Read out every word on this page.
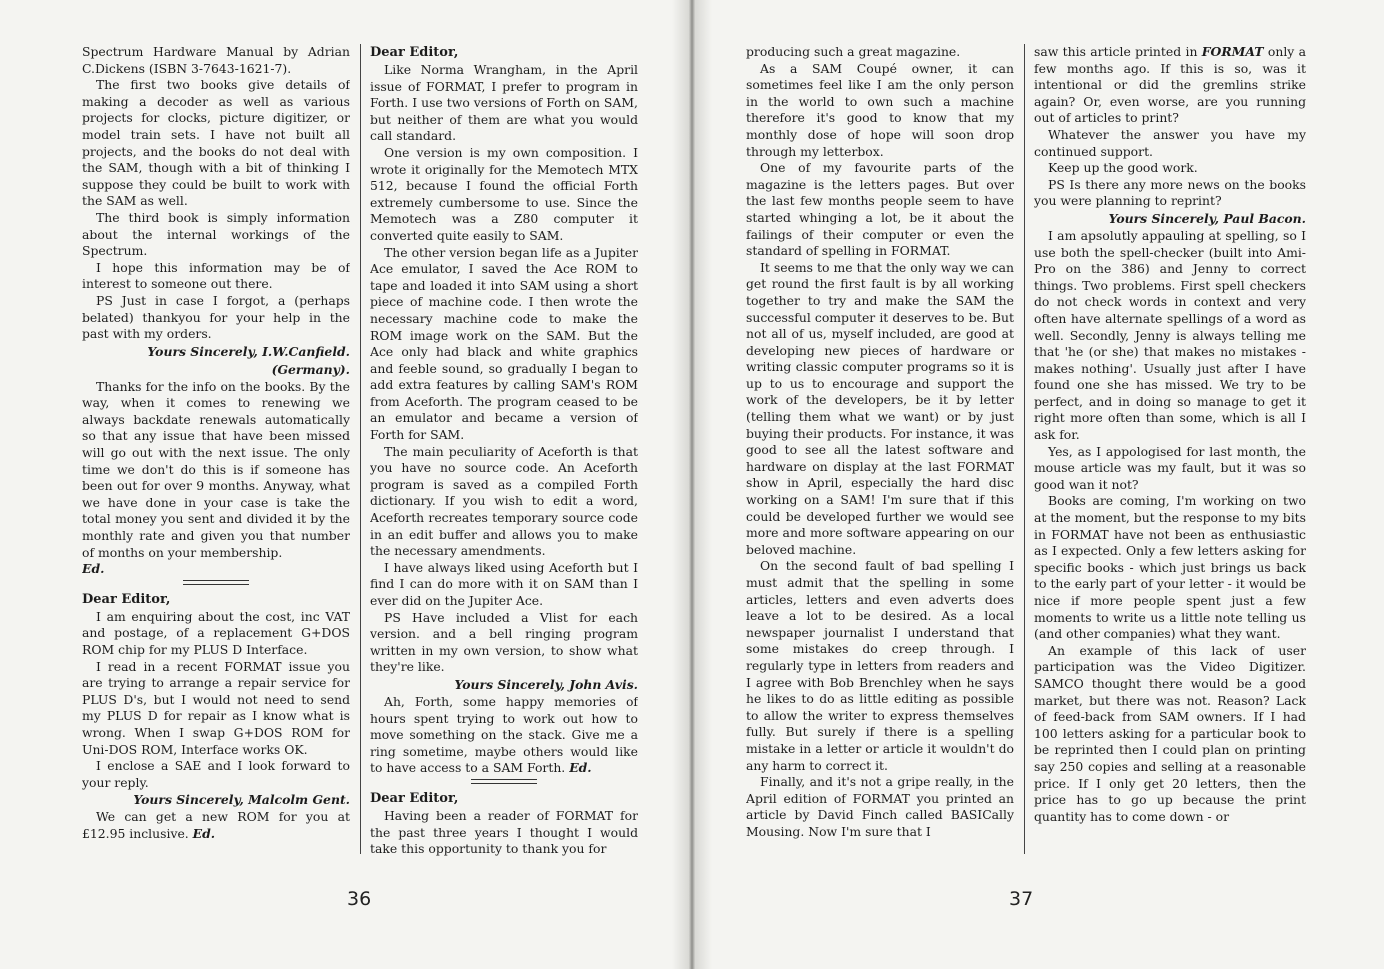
Spectrum Hardware Manual by Adrian C.Dickens (ISBN 3-7643-1621-7).

The first two books give details of making a decoder as well as various projects for clocks, picture digitizer, or model train sets. I have not built all projects, and the books do not deal with the SAM, though with a bit of thinking I suppose they could be built to work with the SAM as well.

The third book is simply information about the internal workings of the Spectrum.

I hope this information may be of interest to someone out there.

PS Just in case I forgot, a (perhaps belated) thankyou for your help in the past with my orders.

Yours Sincerely, I.W.Canfield.
(Germany).

Thanks for the info on the books. By the way, when it comes to renewing we always backdate renewals automatically so that any issue that have been missed will go out with the next issue. The only time we don't do this is if someone has been out for over 9 months. Anyway, what we have done in your case is take the total money you sent and divided it by the monthly rate and given you that number of months on your membership.

Ed.

Dear Editor,

I am enquiring about the cost, inc VAT and postage, of a replacement G+DOS ROM chip for my PLUS D Interface.

I read in a recent FORMAT issue you are trying to arrange a repair service for PLUS D's, but I would not need to send my PLUS D for repair as I know what is wrong. When I swap G+DOS ROM for Uni-DOS ROM, Interface works OK.

I enclose a SAE and I look forward to your reply.

Yours Sincerely, Malcolm Gent.

We can get a new ROM for you at £12.95 inclusive. Ed.

Dear Editor,

Like Norma Wrangham, in the April issue of FORMAT, I prefer to program in Forth. I use two versions of Forth on SAM, but neither of them are what you would call standard.

One version is my own composition. I wrote it originally for the Memotech MTX 512, because I found the official Forth extremely cumbersome to use. Since the Memotech was a Z80 computer it converted quite easily to SAM.

The other version began life as a Jupiter Ace emulator, I saved the Ace ROM to tape and loaded it into SAM using a short piece of machine code. I then wrote the necessary machine code to make the ROM image work on the SAM. But the Ace only had black and white graphics and feeble sound, so gradually I began to add extra features by calling SAM's ROM from Aceforth. The program ceased to be an emulator and became a version of Forth for SAM.

The main peculiarity of Aceforth is that you have no source code. An Aceforth program is saved as a compiled Forth dictionary. If you wish to edit a word, Aceforth recreates temporary source code in an edit buffer and allows you to make the necessary amendments.

I have always liked using Aceforth but I find I can do more with it on SAM than I ever did on the Jupiter Ace.

PS Have included a Vlist for each version. and a bell ringing program written in my own version, to show what they're like.

Yours Sincerely, John Avis.

Ah, Forth, some happy memories of hours spent trying to work out how to move something on the stack. Give me a ring sometime, maybe others would like to have access to a SAM Forth. Ed.

Dear Editor,

Having been a reader of FORMAT for the past three years I thought I would take this opportunity to thank you for

36

producing such a great magazine.

As a SAM Coupé owner, it can sometimes feel like I am the only person in the world to own such a machine therefore it's good to know that my monthly dose of hope will soon drop through my letterbox.

One of my favourite parts of the magazine is the letters pages. But over the last few months people seem to have started whinging a lot, be it about the failings of their computer or even the standard of spelling in FORMAT.

It seems to me that the only way we can get round the first fault is by all working together to try and make the SAM the successful computer it deserves to be. But not all of us, myself included, are good at developing new pieces of hardware or writing classic computer programs so it is up to us to encourage and support the work of the developers, be it by letter (telling them what we want) or by just buying their products. For instance, it was good to see all the latest software and hardware on display at the last FORMAT show in April, especially the hard disc working on a SAM! I'm sure that if this could be developed further we would see more and more software appearing on our beloved machine.

On the second fault of bad spelling I must admit that the spelling in some articles, letters and even adverts does leave a lot to be desired. As a local newspaper journalist I understand that some mistakes do creep through. I regularly type in letters from readers and I agree with Bob Brenchley when he says he likes to do as little editing as possible to allow the writer to express themselves fully. But surely if there is a spelling mistake in a letter or article it wouldn't do any harm to correct it.

Finally, and it's not a gripe really, in the April edition of FORMAT you printed an article by David Finch called BASICally Mousing. Now I'm sure that I

saw this article printed in FORMAT only a few months ago. If this is so, was it intentional or did the gremlins strike again? Or, even worse, are you running out of articles to print?

Whatever the answer you have my continued support.

Keep up the good work.

PS Is there any more news on the books you were planning to reprint?

Yours Sincerely, Paul Bacon.

I am apsolutly appauling at spelling, so I use both the spell-checker (built into Ami-Pro on the 386) and Jenny to correct things. Two problems. First spell checkers do not check words in context and very often have alternate spellings of a word as well. Secondly, Jenny is always telling me that 'he (or she) that makes no mistakes - makes nothing'. Usually just after I have found one she has missed. We try to be perfect, and in doing so manage to get it right more often than some, which is all I ask for.

Yes, as I appologised for last month, the mouse article was my fault, but it was so good wan it not?

Books are coming, I'm working on two at the moment, but the response to my bits in FORMAT have not been as enthusiastic as I expected. Only a few letters asking for specific books - which just brings us back to the early part of your letter - it would be nice if more people spent just a few moments to write us a little note telling us (and other companies) what they want.

An example of this lack of user participation was the Video Digitizer. SAMCO thought there would be a good market, but there was not. Reason? Lack of feed-back from SAM owners. If I had 100 letters asking for a particular book to be reprinted then I could plan on printing say 250 copies and selling at a reasonable price. If I only get 20 letters, then the price has to go up because the print quantity has to come down - or

37
